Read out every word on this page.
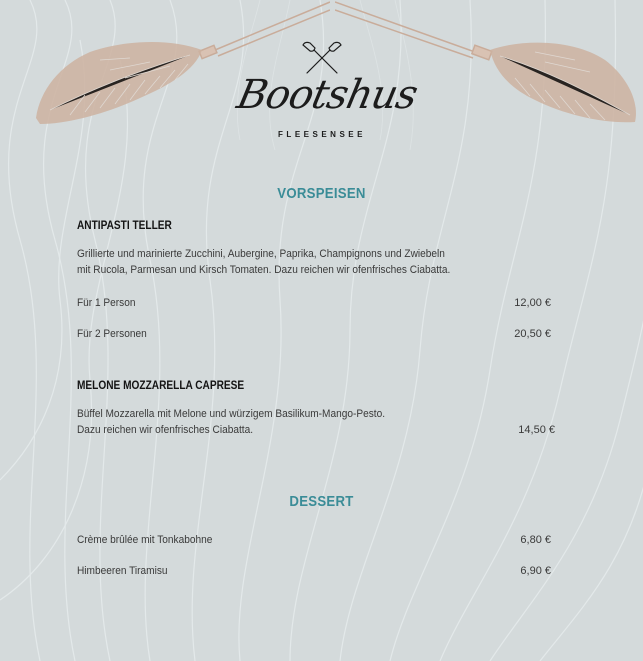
Bootshus
FLEESENSEE
VORSPEISEN
ANTIPASTI TELLER
Grillierte und marinierte Zucchini, Aubergine, Paprika, Champignons und Zwiebeln
mit Rucola, Parmesan und Kirsch Tomaten. Dazu reichen wir ofenfrisches Ciabatta.
Für 1 Person	12,00 €
Für 2 Personen	20,50 €
MELONE MOZZARELLA CAPRESE
Büffel Mozzarella mit Melone und würzigem Basilikum-Mango-Pesto.
Dazu reichen wir ofenfrisches Ciabatta.	14,50 €
DESSERT
Crème brûlée mit Tonkabohne	6,80 €
Himbeeren Tiramisu	6,90 €
